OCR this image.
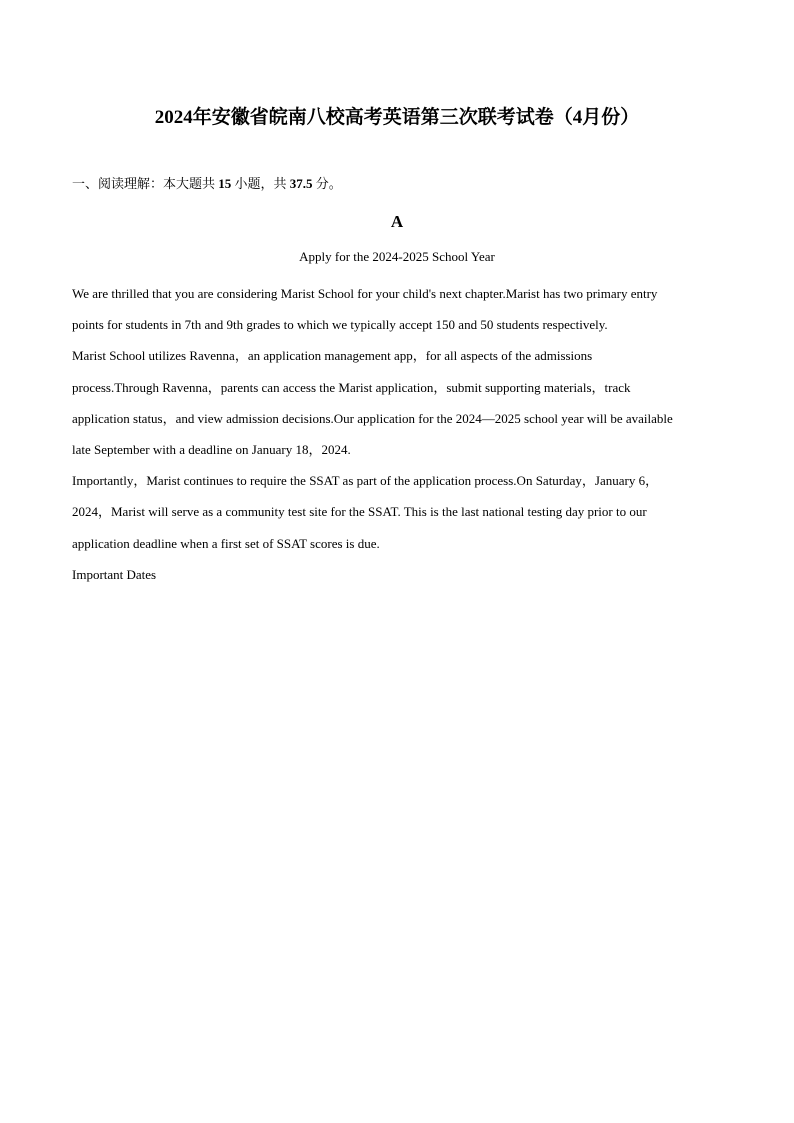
2024年安徽省皖南八校高考英语第三次联考试卷（4月份）
一、阅读理解：本大题共 15 小题，共 37.5 分。
A
Apply for the 2024-2025 School Year
We are thrilled that you are considering Marist School for your child's next chapter.Marist has two primary entry
points for students in 7th and 9th grades to which we typically accept 150 and 50 students respectively.
Marist School utilizes Ravenna，an application management app，for all aspects of the admissions
process.Through Ravenna，parents can access the Marist application，submit supporting materials，track
application status，and view admission decisions.Our application for the 2024—2025 school year will be available
late September with a deadline on January 18，2024.
Importantly，Marist continues to require the SSAT as part of the application process.On Saturday，January 6，
2024，Marist will serve as a community test site for the SSAT. This is the last national testing day prior to our
application deadline when a first set of SSAT scores is due.
Important Dates
